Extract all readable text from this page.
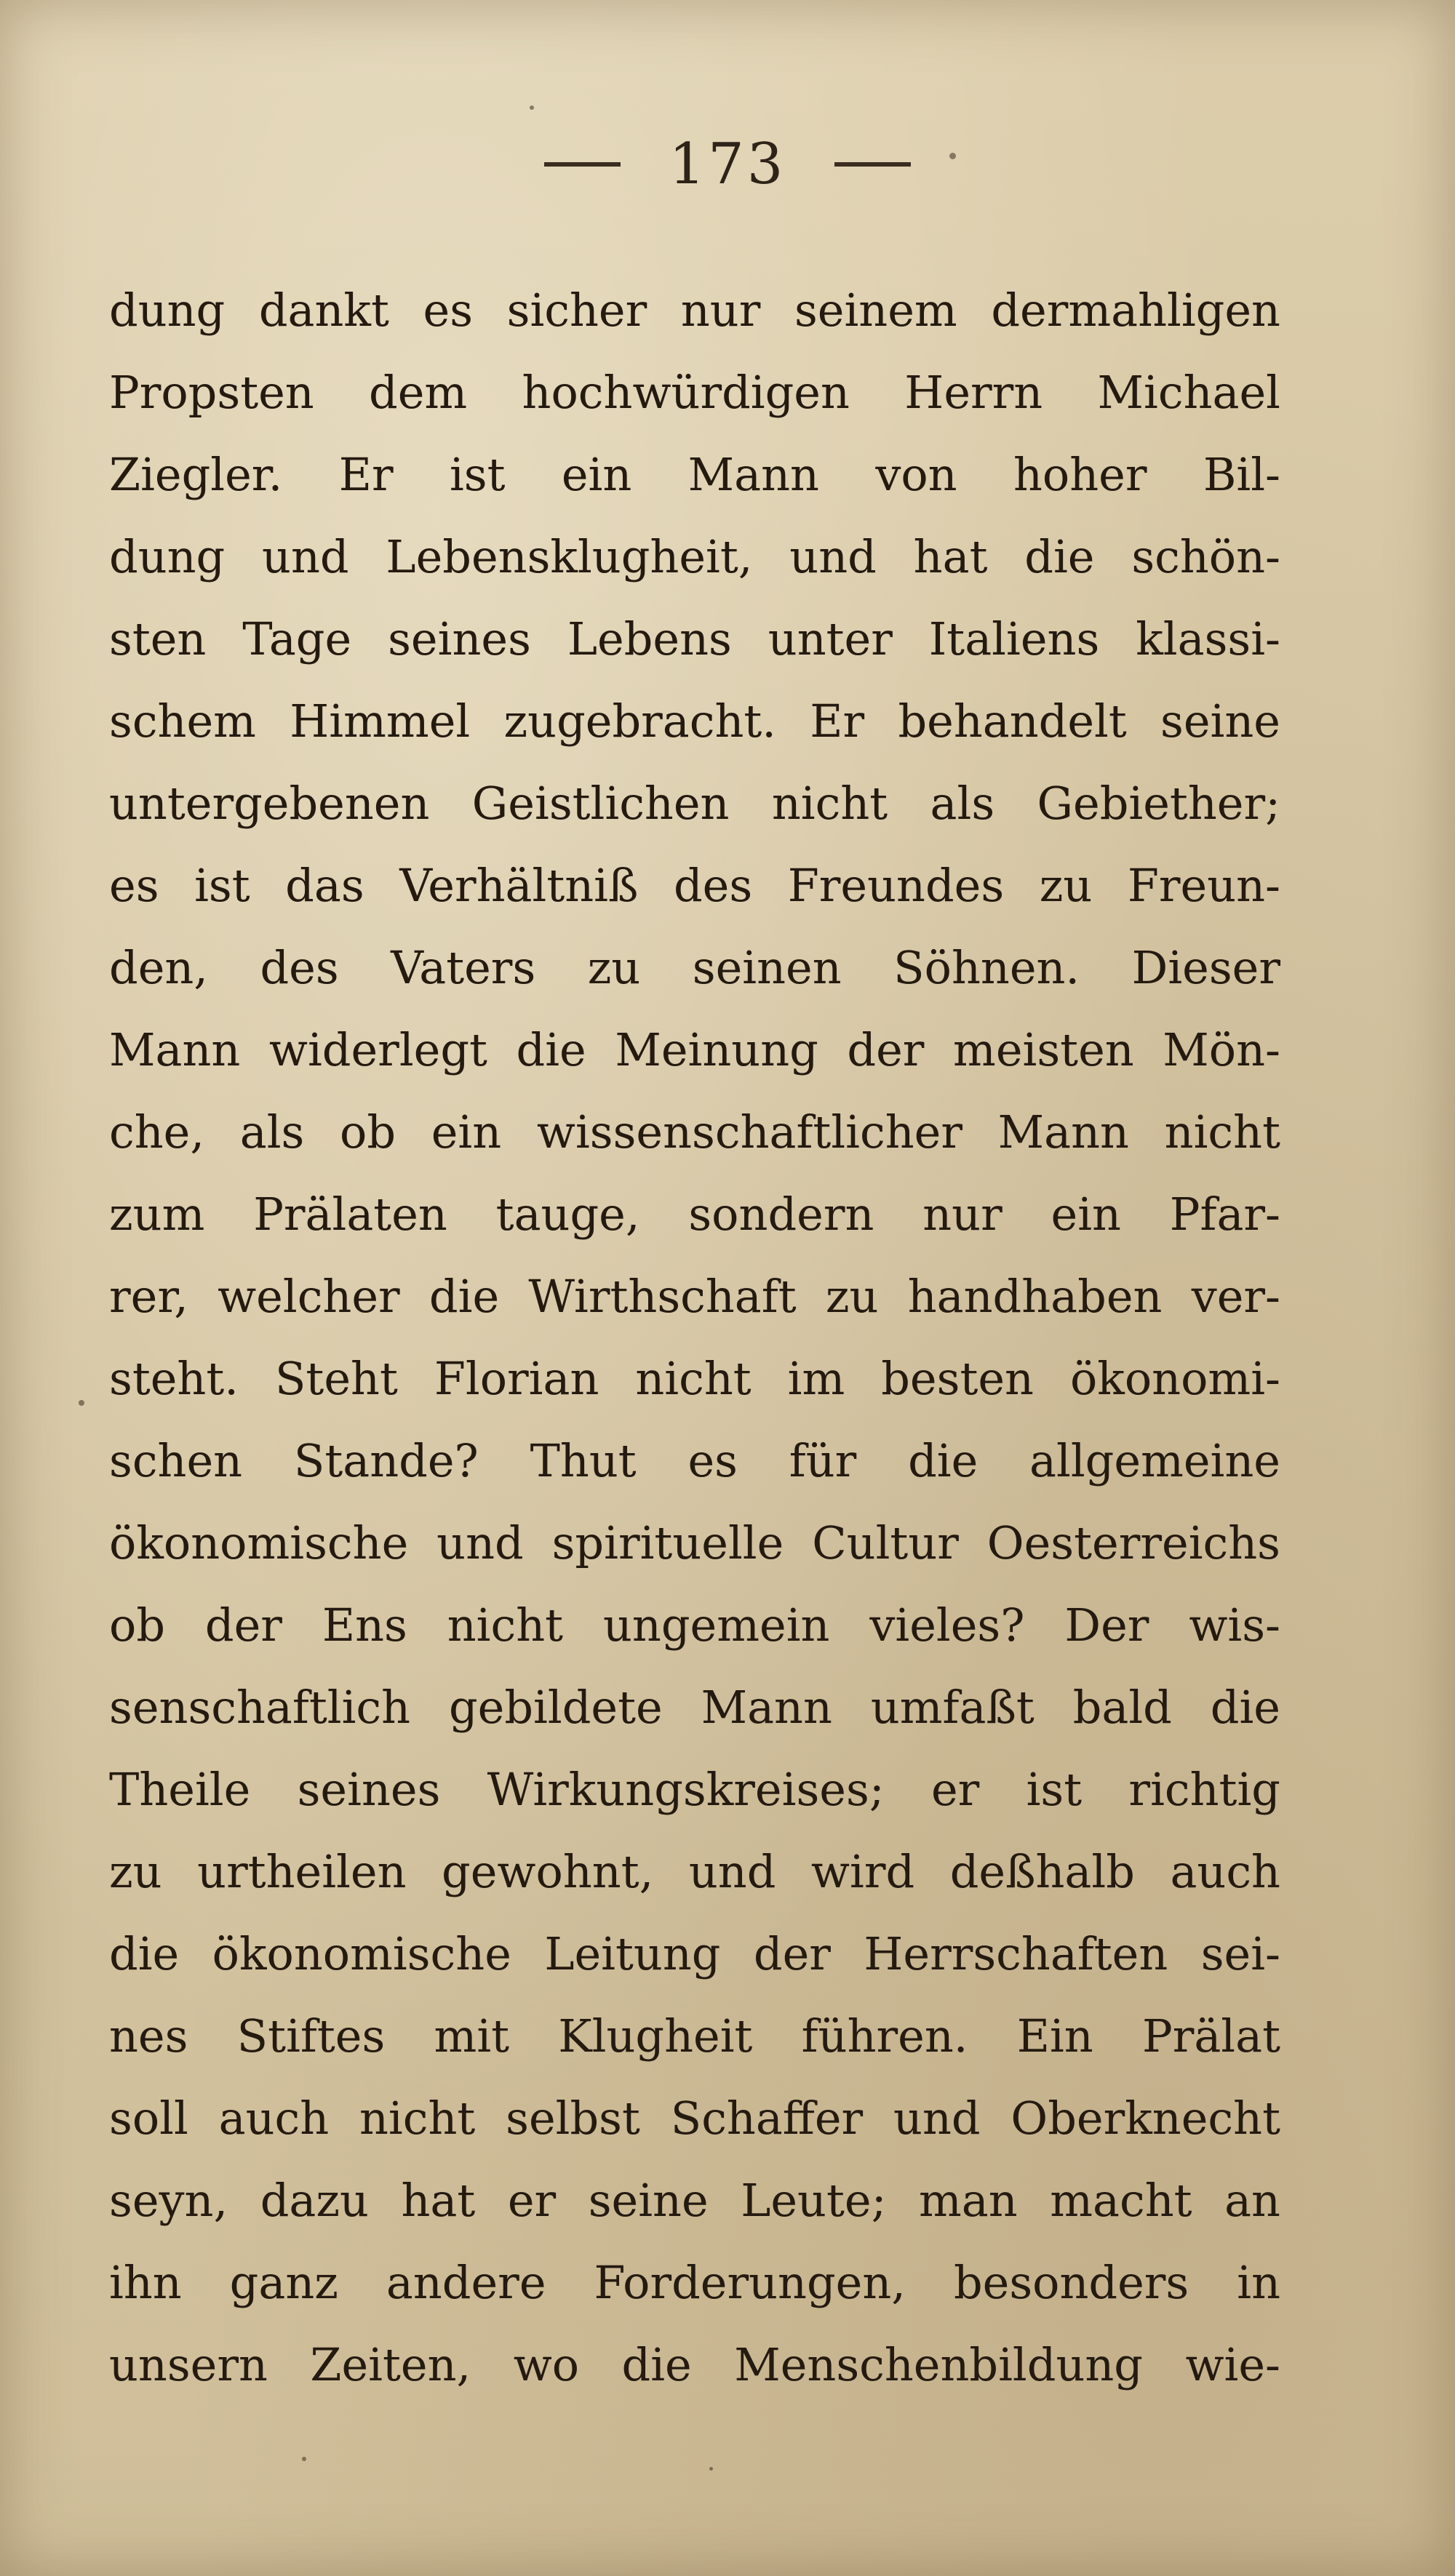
173
dung dankt es sicher nur seinem dermahligen
Propsten dem hochwürdigen Herrn Michael
Ziegler. Er ist ein Mann von hoher Bil-
dung und Lebensklugheit, und hat die schön-
sten Tage seines Lebens unter Italiens klassi-
schem Himmel zugebracht. Er behandelt seine
untergebenen Geistlichen nicht als Gebiether;
es ist das Verhältniß des Freundes zu Freun-
den, des Vaters zu seinen Söhnen. Dieser
Mann widerlegt die Meinung der meisten Mön-
che, als ob ein wissenschaftlicher Mann nicht
zum Prälaten tauge, sondern nur ein Pfar-
rer, welcher die Wirthschaft zu handhaben ver-
steht. Steht Florian nicht im besten ökonomi-
schen Stande? Thut es für die allgemeine
ökonomische und spirituelle Cultur Oesterreichs
ob der Ens nicht ungemein vieles? Der wis-
senschaftlich gebildete Mann umfaßt bald die
Theile seines Wirkungskreises; er ist richtig
zu urtheilen gewohnt, und wird deßhalb auch
die ökonomische Leitung der Herrschaften sei-
nes Stiftes mit Klugheit führen. Ein Prälat
soll auch nicht selbst Schaffer und Oberknecht
seyn, dazu hat er seine Leute; man macht an
ihn ganz andere Forderungen, besonders in
unsern Zeiten, wo die Menschenbildung wie-
